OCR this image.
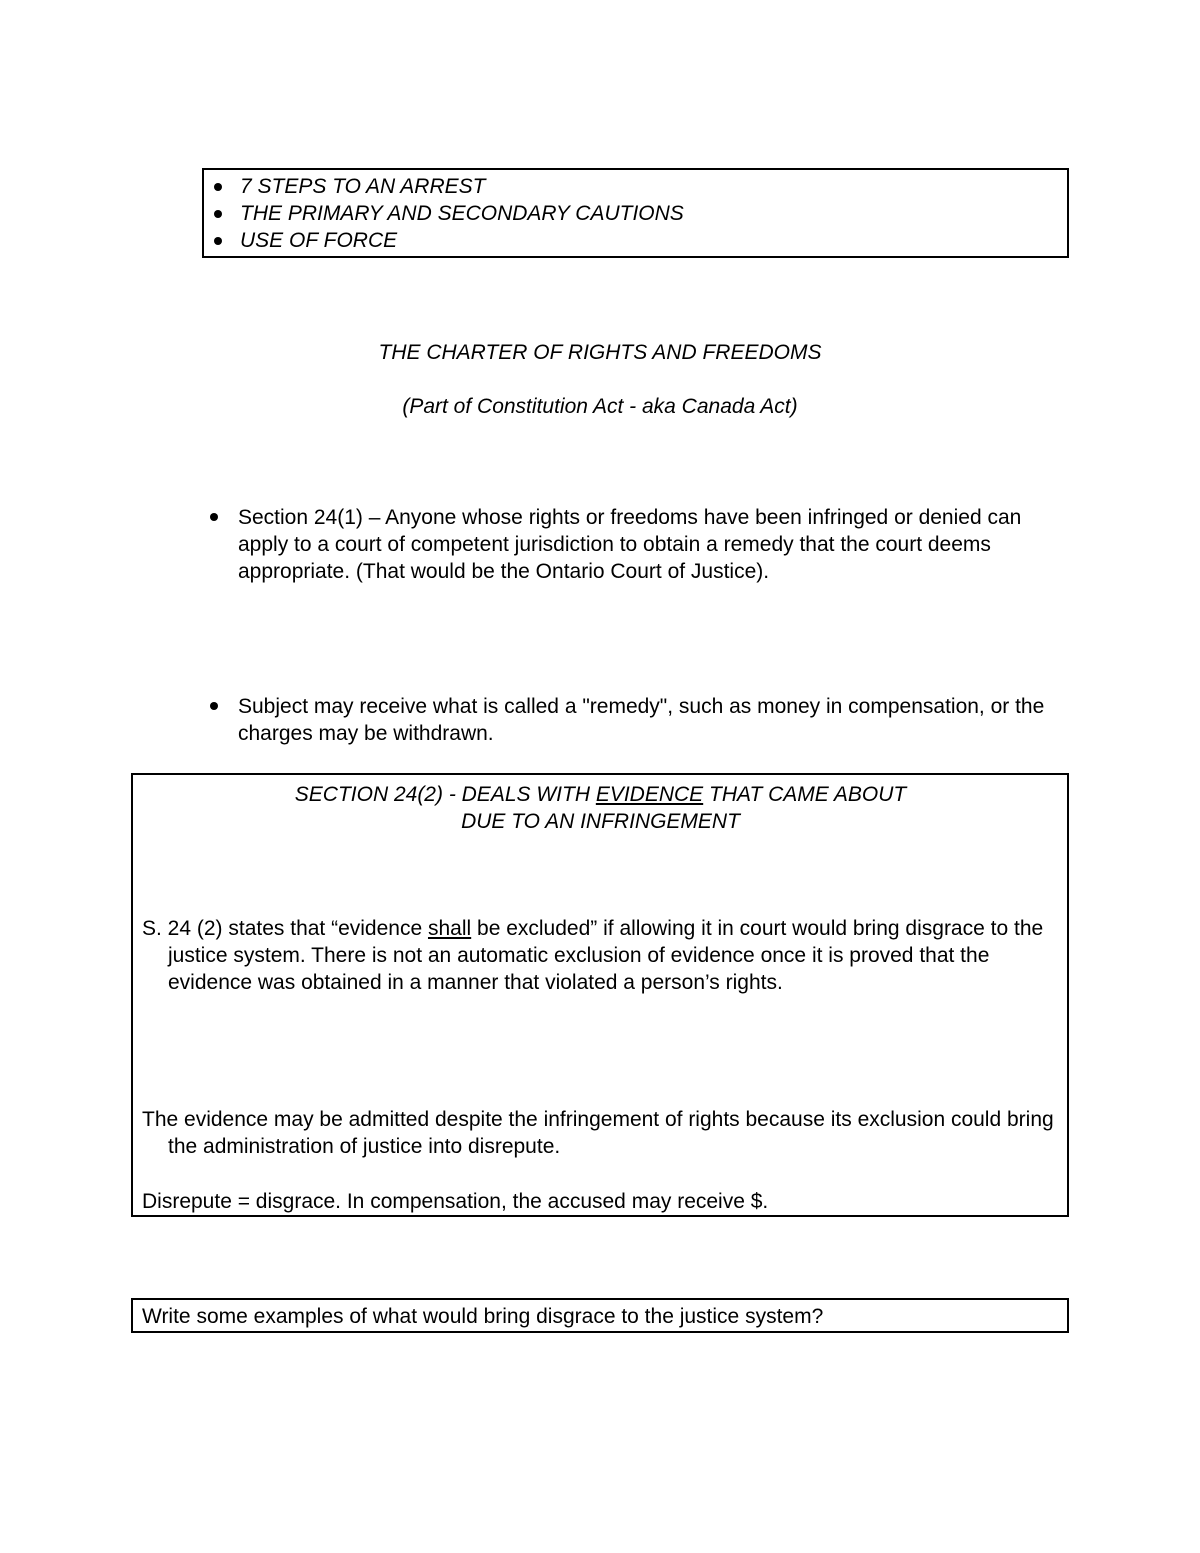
7 STEPS TO AN ARREST
THE PRIMARY AND SECONDARY CAUTIONS
USE OF FORCE
THE CHARTER OF RIGHTS AND FREEDOMS
(Part of Constitution Act - aka Canada Act)

Section 24(1) – Anyone whose rights or freedoms have been infringed or denied can apply to a court of competent jurisdiction to obtain a remedy that the court deems appropriate. (That would be the Ontario Court of Justice).

Subject may receive what is called a "remedy", such as money in compensation, or the charges may be withdrawn.

SECTION 24(2) - DEALS WITH EVIDENCE THAT CAME ABOUT
DUE TO AN INFRINGEMENT

S. 24 (2) states that “evidence shall be excluded” if allowing it in court would bring disgrace to the justice system. There is not an automatic exclusion of evidence once it is proved that the evidence was obtained in a manner that violated a person’s rights.

The evidence may be admitted despite the infringement of rights because its exclusion could bring the administration of justice into disrepute.

Disrepute = disgrace. In compensation, the accused may receive $.

Write some examples of what would bring disgrace to the justice system?
